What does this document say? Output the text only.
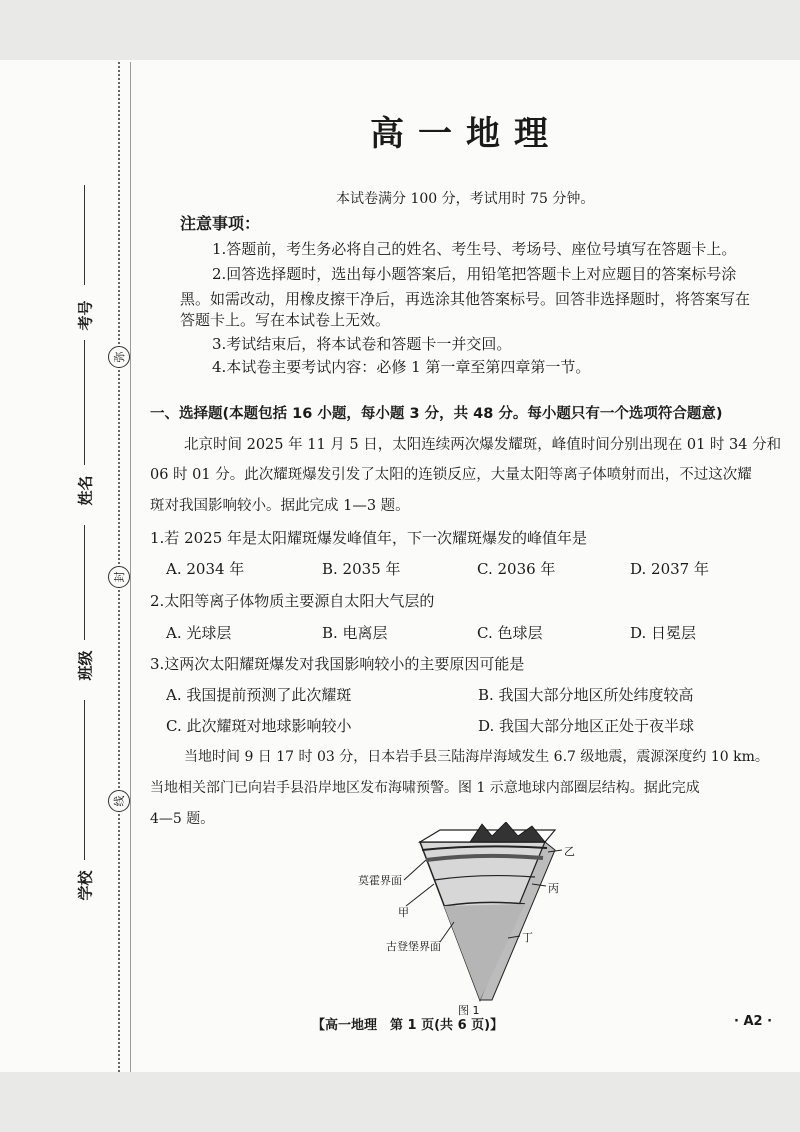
考号
姓名
班级
学校
弥
封
线
高一地理
本试卷满分 100 分，考试用时 75 分钟。
注意事项：
1.答题前，考生务必将自己的姓名、考生号、考场号、座位号填写在答题卡上。
2.回答选择题时，选出每小题答案后，用铅笔把答题卡上对应题目的答案标号涂
黑。如需改动，用橡皮擦干净后，再选涂其他答案标号。回答非选择题时，将答案写在
答题卡上。写在本试卷上无效。
3.考试结束后，将本试卷和答题卡一并交回。
4.本试卷主要考试内容：必修 1 第一章至第四章第一节。
一、选择题(本题包括 16 小题，每小题 3 分，共 48 分。每小题只有一个选项符合题意)
北京时间 2025 年 11 月 5 日，太阳连续两次爆发耀斑，峰值时间分别出现在 01 时 34 分和
06 时 01 分。此次耀斑爆发引发了太阳的连锁反应，大量太阳等离子体喷射而出，不过这次耀
斑对我国影响较小。据此完成 1—3 题。
1.若 2025 年是太阳耀斑爆发峰值年，下一次耀斑爆发的峰值年是
A. 2034 年	B. 2035 年	C. 2036 年	D. 2037 年
2.太阳等离子体物质主要源自太阳大气层的
A. 光球层	B. 电离层	C. 色球层	D. 日冕层
3.这两次太阳耀斑爆发对我国影响较小的主要原因可能是
A. 我国提前预测了此次耀斑	B. 我国大部分地区所处纬度较高
C. 此次耀斑对地球影响较小	D. 我国大部分地区正处于夜半球
当地时间 9 日 17 时 03 分，日本岩手县三陆海岸海域发生 6.7 级地震，震源深度约 10 km。
当地相关部门已向岩手县沿岸地区发布海啸预警。图 1 示意地球内部圈层结构。据此完成
4—5 题。
莫霍界面
甲
古登堡界面
乙
丙
丁
图 1
【高一地理　第 1 页(共 6 页)】	· A2 ·
